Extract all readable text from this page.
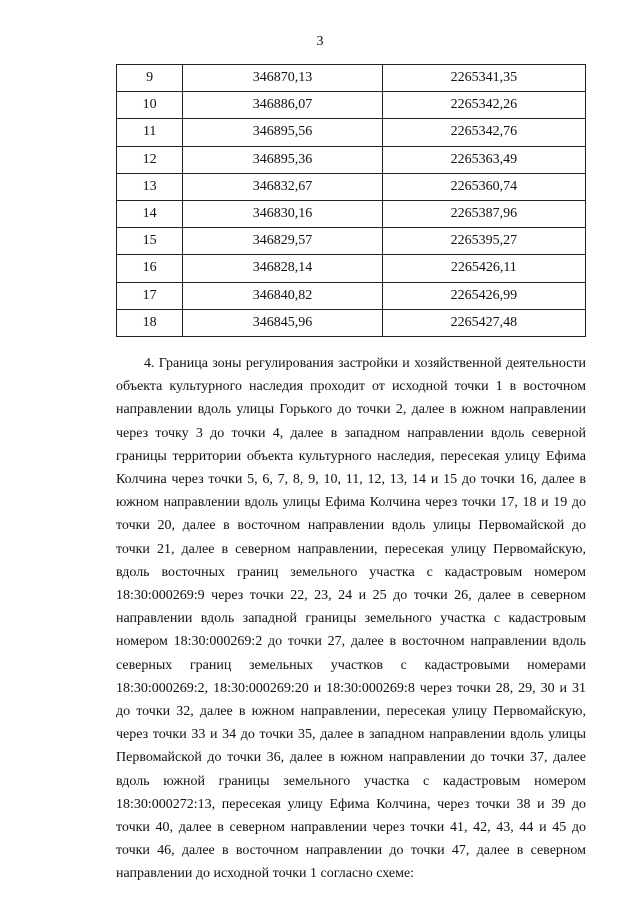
3
9	346870,13	2265341,35
10	346886,07	2265342,26
11	346895,56	2265342,76
12	346895,36	2265363,49
13	346832,67	2265360,74
14	346830,16	2265387,96
15	346829,57	2265395,27
16	346828,14	2265426,11
17	346840,82	2265426,99
18	346845,96	2265427,48
4. Граница зоны регулирования застройки и хозяйственной деятельности объекта культурного наследия проходит от исходной точки 1 в восточном направлении вдоль улицы Горького до точки 2, далее в южном направлении через точку 3 до точки 4, далее в западном направлении вдоль северной границы территории объекта культурного наследия, пересекая улицу Ефима Колчина через точки 5, 6, 7, 8, 9, 10, 11, 12, 13, 14 и 15 до точки 16, далее в южном направлении вдоль улицы Ефима Колчина через точки 17, 18 и 19 до точки 20, далее в восточном направлении вдоль улицы Первомайской до точки 21, далее в северном направлении, пересекая улицу Первомайскую, вдоль восточных границ земельного участка с кадастровым номером 18:30:000269:9 через точки 22, 23, 24 и 25 до точки 26, далее в северном направлении вдоль западной границы земельного участка с кадастровым номером 18:30:000269:2 до точки 27, далее в восточном направлении вдоль северных границ земельных участков с кадастровыми номерами 18:30:000269:2, 18:30:000269:20 и 18:30:000269:8 через точки 28, 29, 30 и 31 до точки 32, далее в южном направлении, пересекая улицу Первомайскую, через точки 33 и 34 до точки 35, далее в западном направлении вдоль улицы Первомайской до точки 36, далее в южном направлении до точки 37, далее вдоль южной границы земельного участка с кадастровым номером 18:30:000272:13, пересекая улицу Ефима Колчина, через точки 38 и 39 до точки 40, далее в северном направлении через точки 41, 42, 43, 44 и 45 до точки 46, далее в восточном направлении до точки 47, далее в северном направлении до исходной точки 1 согласно схеме:
